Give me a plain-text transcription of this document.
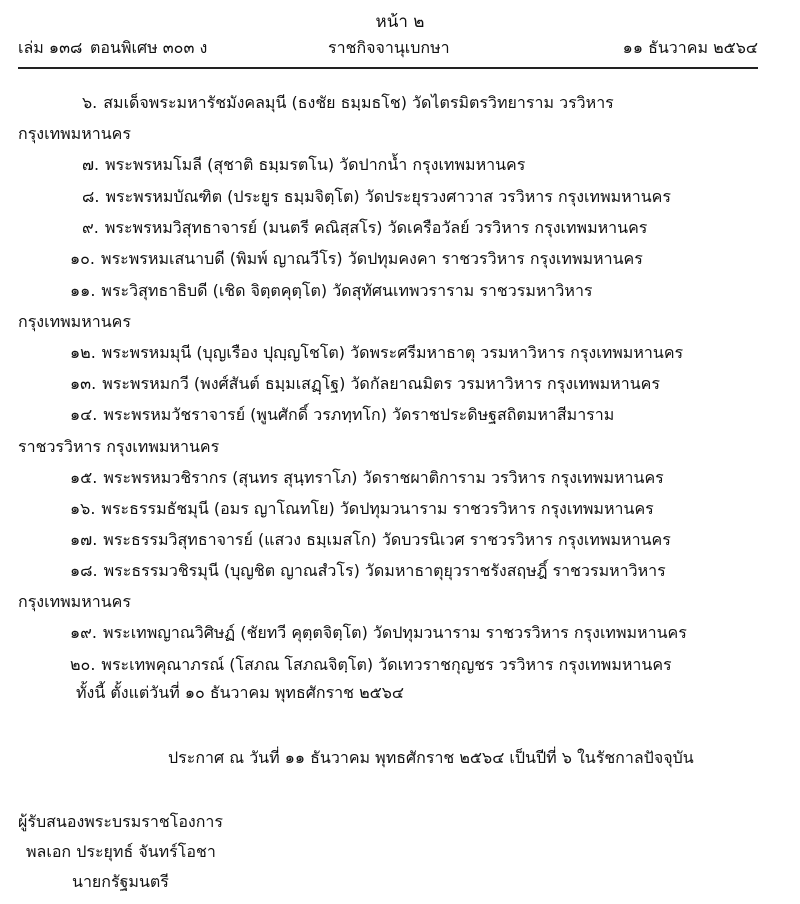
หน้า ๒
เล่ม ๑๓๘ ตอนพิเศษ ๓๐๓ ง	ราชกิจจานุเบกษา	๑๑ ธันวาคม ๒๕๖๔
๖. สมเด็จพระมหารัชมังคลมุนี (ธงชัย ธมฺมธโช) วัดไตรมิตรวิทยาราม วรวิหาร
กรุงเทพมหานคร
๗. พระพรหมโมลี (สุชาติ ธมฺมรตโน) วัดปากน้ำ กรุงเทพมหานคร
๘. พระพรหมบัณฑิต (ประยูร ธมฺมจิตฺโต) วัดประยุรวงศาวาส วรวิหาร กรุงเทพมหานคร
๙. พระพรหมวิสุทธาจารย์ (มนตรี คณิสฺสโร) วัดเครือวัลย์ วรวิหาร กรุงเทพมหานคร
๑๐. พระพรหมเสนาบดี (พิมพ์ ญาณวีโร) วัดปทุมคงคา ราชวรวิหาร กรุงเทพมหานคร
๑๑. พระวิสุทธาธิบดี (เชิด จิตฺตคุตฺโต) วัดสุทัศนเทพวราราม ราชวรมหาวิหาร
กรุงเทพมหานคร
๑๒. พระพรหมมุนี (บุญเรือง ปุญฺญโชโต) วัดพระศรีมหาธาตุ วรมหาวิหาร กรุงเทพมหานคร
๑๓. พระพรหมกวี (พงศ์สันต์ ธมฺมเสฏฺโฐ) วัดกัลยาณมิตร วรมหาวิหาร กรุงเทพมหานคร
๑๔. พระพรหมวัชราจารย์ (พูนศักดิ์ วรภทฺทโก) วัดราชประดิษฐสถิตมหาสีมาราม
ราชวรวิหาร กรุงเทพมหานคร
๑๕. พระพรหมวชิรากร (สุนทร สุนฺทราโภ) วัดราชผาติการาม วรวิหาร กรุงเทพมหานคร
๑๖. พระธรรมธัชมุนี (อมร ญาโณทโย) วัดปทุมวนาราม ราชวรวิหาร กรุงเทพมหานคร
๑๗. พระธรรมวิสุทธาจารย์ (แสวง ธมฺเมสโก) วัดบวรนิเวศ ราชวรวิหาร กรุงเทพมหานคร
๑๘. พระธรรมวชิรมุนี (บุญชิต ญาณสํวโร) วัดมหาธาตุยุวราชรังสฤษฎิ์ ราชวรมหาวิหาร
กรุงเทพมหานคร
๑๙. พระเทพญาณวิศิษฏ์ (ชัยทวี คุตฺตจิตฺโต) วัดปทุมวนาราม ราชวรวิหาร กรุงเทพมหานคร
๒๐. พระเทพคุณาภรณ์ (โสภณ โสภณจิตฺโต) วัดเทวราชกุญชร วรวิหาร กรุงเทพมหานคร
ทั้งนี้ ตั้งแต่วันที่ ๑๐ ธันวาคม พุทธศักราช ๒๕๖๔
ประกาศ ณ วันที่ ๑๑ ธันวาคม พุทธศักราช ๒๕๖๔ เป็นปีที่ ๖ ในรัชกาลปัจจุบัน
ผู้รับสนองพระบรมราชโองการ
พลเอก ประยุทธ์ จันทร์โอชา
นายกรัฐมนตรี
